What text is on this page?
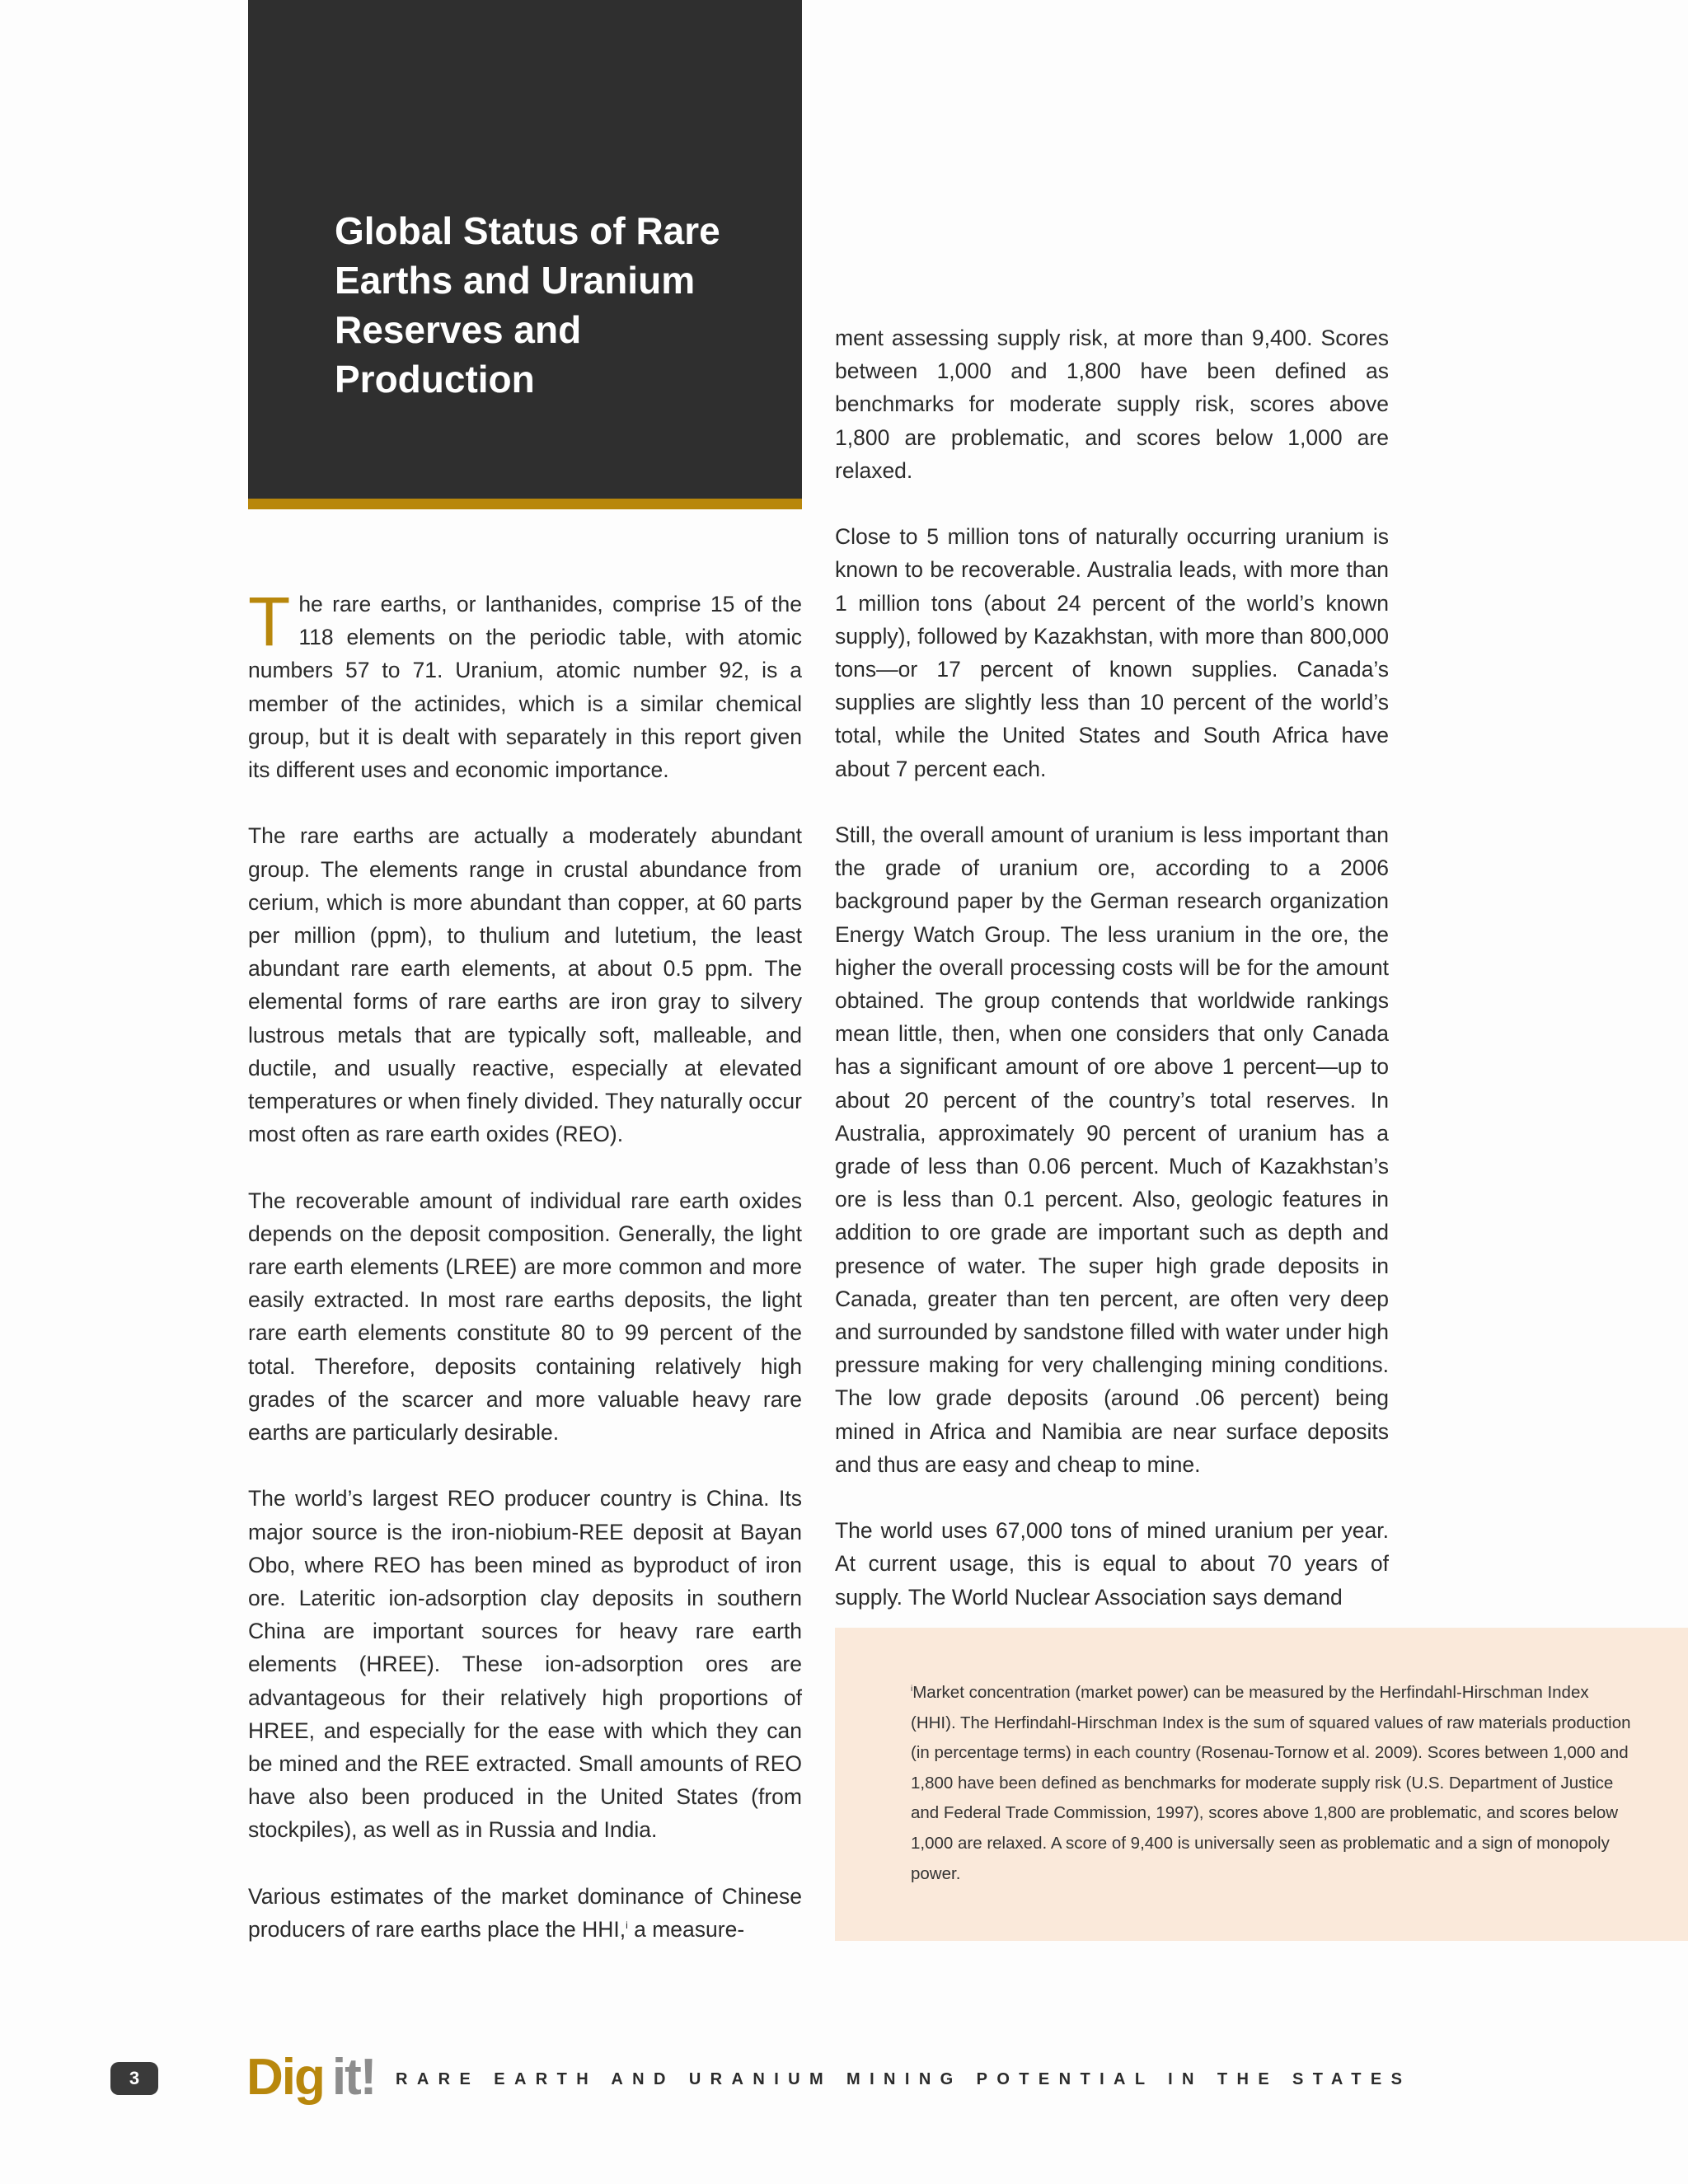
Global Status of Rare Earths and Uranium Reserves and Production

The rare earths, or lanthanides, comprise 15 of the 118 elements on the periodic table, with atomic numbers 57 to 71. Uranium, atomic number 92, is a member of the actinides, which is a similar chemical group, but it is dealt with separately in this report given its different uses and economic importance.

The rare earths are actually a moderately abundant group. The elements range in crustal abundance from cerium, which is more abundant than copper, at 60 parts per million (ppm), to thulium and lutetium, the least abundant rare earth elements, at about 0.5 ppm. The elemental forms of rare earths are iron gray to silvery lustrous metals that are typically soft, malleable, and ductile, and usually reactive, especially at elevated temperatures or when finely divided. They naturally occur most often as rare earth oxides (REO).

The recoverable amount of individual rare earth oxides depends on the deposit composition. Generally, the light rare earth elements (LREE) are more common and more easily extracted. In most rare earths deposits, the light rare earth elements constitute 80 to 99 percent of the total. Therefore, deposits containing relatively high grades of the scarcer and more valuable heavy rare earths are particularly desirable.

The world’s largest REO producer country is China. Its major source is the iron-niobium-REE deposit at Bayan Obo, where REO has been mined as byproduct of iron ore. Lateritic ion-adsorption clay deposits in southern China are important sources for heavy rare earth elements (HREE). These ion-adsorption ores are advantageous for their relatively high proportions of HREE, and especially for the ease with which they can be mined and the REE extracted. Small amounts of REO have also been produced in the United States (from stockpiles), as well as in Russia and India.

Various estimates of the market dominance of Chinese producers of rare earths place the HHI,$^i$ a measure-

ment assessing supply risk, at more than 9,400. Scores between 1,000 and 1,800 have been defined as benchmarks for moderate supply risk, scores above 1,800 are problematic, and scores below 1,000 are relaxed.

Close to 5 million tons of naturally occurring uranium is known to be recoverable. Australia leads, with more than 1 million tons (about 24 percent of the world’s known supply), followed by Kazakhstan, with more than 800,000 tons—or 17 percent of known supplies. Canada’s supplies are slightly less than 10 percent of the world’s total, while the United States and South Africa have about 7 percent each.

Still, the overall amount of uranium is less important than the grade of uranium ore, according to a 2006 background paper by the German research organization Energy Watch Group. The less uranium in the ore, the higher the overall processing costs will be for the amount obtained. The group contends that worldwide rankings mean little, then, when one considers that only Canada has a significant amount of ore above 1 percent—up to about 20 percent of the country’s total reserves. In Australia, approximately 90 percent of uranium has a grade of less than 0.06 percent. Much of Kazakhstan’s ore is less than 0.1 percent. Also, geologic features in addition to ore grade are important such as depth and presence of water. The super high grade deposits in Canada, greater than ten percent, are often very deep and surrounded by sandstone filled with water under high pressure making for very challenging mining conditions. The low grade deposits (around .06 percent) being mined in Africa and Namibia are near surface deposits and thus are easy and cheap to mine.

The world uses 67,000 tons of mined uranium per year. At current usage, this is equal to about 70 years of supply. The World Nuclear Association says demand

$^i$Market concentration (market power) can be measured by the Herfindahl-Hirschman Index (HHI). The Herfindahl-Hirschman Index is the sum of squared values of raw materials production (in percentage terms) in each country (Rosenau-Tornow et al. 2009). Scores between 1,000 and 1,800 have been defined as benchmarks for moderate supply risk (U.S. Department of Justice and Federal Trade Commission, 1997), scores above 1,800 are problematic, and scores below 1,000 are relaxed. A score of 9,400 is universally seen as problematic and a sign of monopoly power.

3	Dig it! RARE EARTH AND URANIUM MINING POTENTIAL IN THE STATES
